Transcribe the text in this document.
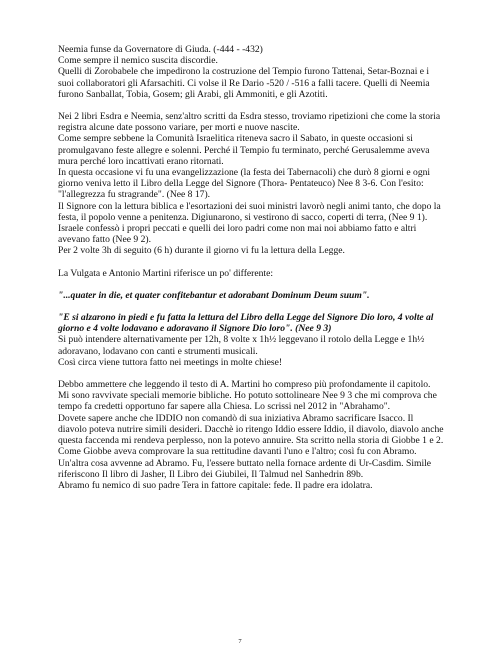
Neemia funse da Governatore di Giuda. (-444 - -432)

Come sempre il nemico suscita discordie.

Quelli di Zorobabele che impedirono la costruzione del Tempio furono Tattenai, Setar-Boznai e i suoi collaboratori gli Afarsachiti. Ci volse il Re Dario -520 / -516 a falli tacere. Quelli di Neemia furono Sanballat, Tobia, Gosem; gli Arabi, gli Ammoniti, e gli Azotiti.

Nei 2 libri Esdra e Neemia, senz'altro scritti da Esdra stesso, troviamo ripetizioni che come la storia registra alcune date possono variare, per morti e nuove nascite.

Come sempre sebbene la Comunità Israelitica riteneva sacro il Sabato, in queste occasioni si promulgavano feste allegre e solenni. Perché il Tempio fu terminato, perché Gerusalemme aveva mura perché loro incattivati erano ritornati.

In questa occasione vi fu una evangelizzazione (la festa dei Tabernacoli) che durò 8 giorni e ogni giorno veniva letto il Libro della Legge del Signore (Thora- Pentateuco) Nee 8 3-6. Con l'esito: "l'allegrezza fu stragrande". (Nee 8 17).

Il Signore con la lettura biblica e l'esortazioni dei suoi ministri lavorò negli animi tanto, che dopo la festa, il popolo venne a penitenza. Digiunarono, si vestirono di sacco, coperti di terra, (Nee 9 1). Israele confessò i propri peccati e quelli dei loro padri come non mai noi abbiamo fatto e altri avevano fatto (Nee 9 2).

Per 2 volte 3h di seguito (6 h) durante il giorno vi fu la lettura della Legge.

La Vulgata e Antonio Martini riferisce un po' differente:

"...quater in die, et quater confitebantur et adorabant Dominum Deum suum".

"E si alzarono in piedi e fu fatta la lettura del Libro della Legge del Signore Dio loro, 4 volte al giorno e 4 volte lodavano e adoravano il Signore Dio loro". (Nee 9 3)

Si può intendere alternativamente per 12h, 8 volte x 1h½ leggevano il rotolo della Legge e 1h½ adoravano, lodavano con canti e strumenti musicali.

Così circa viene tuttora fatto nei meetings in molte chiese!

Debbo ammettere che leggendo il testo di A. Martini ho compreso più profondamente il capitolo. Mi sono ravvivate speciali memorie bibliche. Ho potuto sottolineare Nee 9 3 che mi comprova che tempo fa credetti opportuno far sapere alla Chiesa. Lo scrissi nel 2012 in "Abrahamo".

Dovete sapere anche che IDDIO non comandò di sua iniziativa Abramo sacrificare Isacco. Il diavolo poteva nutrire simili desideri. Dacchè io ritengo Iddio essere Iddio, il diavolo, diavolo anche questa faccenda mi rendeva perplesso, non la potevo annuire. Sta scritto nella storia di Giobbe 1 e 2. Come Giobbe aveva comprovare la sua rettitudine davanti l'uno e l'altro; così fu con Abramo.

Un'altra cosa avvenne ad Abramo. Fu, l'essere buttato nella fornace ardente di Ur-Casdim. Simile riferiscono Il libro di Jasher, Il Libro dei Giubilei, Il Talmud nel Sanhedrin 89b.

Abramo fu nemico di suo padre Tera in fattore capitale: fede. Il padre era idolatra.

7
